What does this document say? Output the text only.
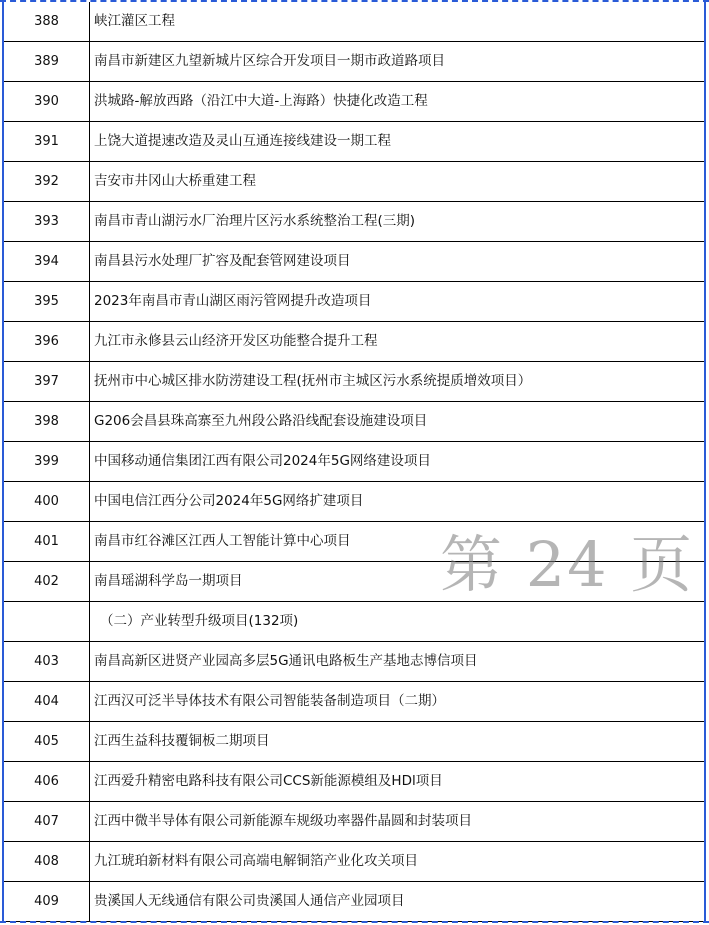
388	峡江灌区工程
389	南昌市新建区九望新城片区综合开发项目一期市政道路项目
390	洪城路-解放西路（沿江中大道-上海路）快捷化改造工程
391	上饶大道提速改造及灵山互通连接线建设一期工程
392	吉安市井冈山大桥重建工程
393	南昌市青山湖污水厂治理片区污水系统整治工程(三期)
394	南昌县污水处理厂扩容及配套管网建设项目
395	2023年南昌市青山湖区雨污管网提升改造项目
396	九江市永修县云山经济开发区功能整合提升工程
397	抚州市中心城区排水防涝建设工程(抚州市主城区污水系统提质增效项目）
398	G206会昌县珠高寨至九州段公路沿线配套设施建设项目
399	中国移动通信集团江西有限公司2024年5G网络建设项目
400	中国电信江西分公司2024年5G网络扩建项目
401	南昌市红谷滩区江西人工智能计算中心项目
402	南昌瑶湖科学岛一期项目
（二）产业转型升级项目(132项)
403	南昌高新区进贤产业园高多层5G通讯电路板生产基地志博信项目
404	江西汉可泛半导体技术有限公司智能装备制造项目（二期）
405	江西生益科技覆铜板二期项目
406	江西爱升精密电路科技有限公司CCS新能源模组及HDl项目
407	江西中微半导体有限公司新能源车规级功率器件晶圆和封装项目
408	九江琥珀新材料有限公司高端电解铜箔产业化攻关项目
409	贵溪国人无线通信有限公司贵溪国人通信产业园项目
第 24 页
